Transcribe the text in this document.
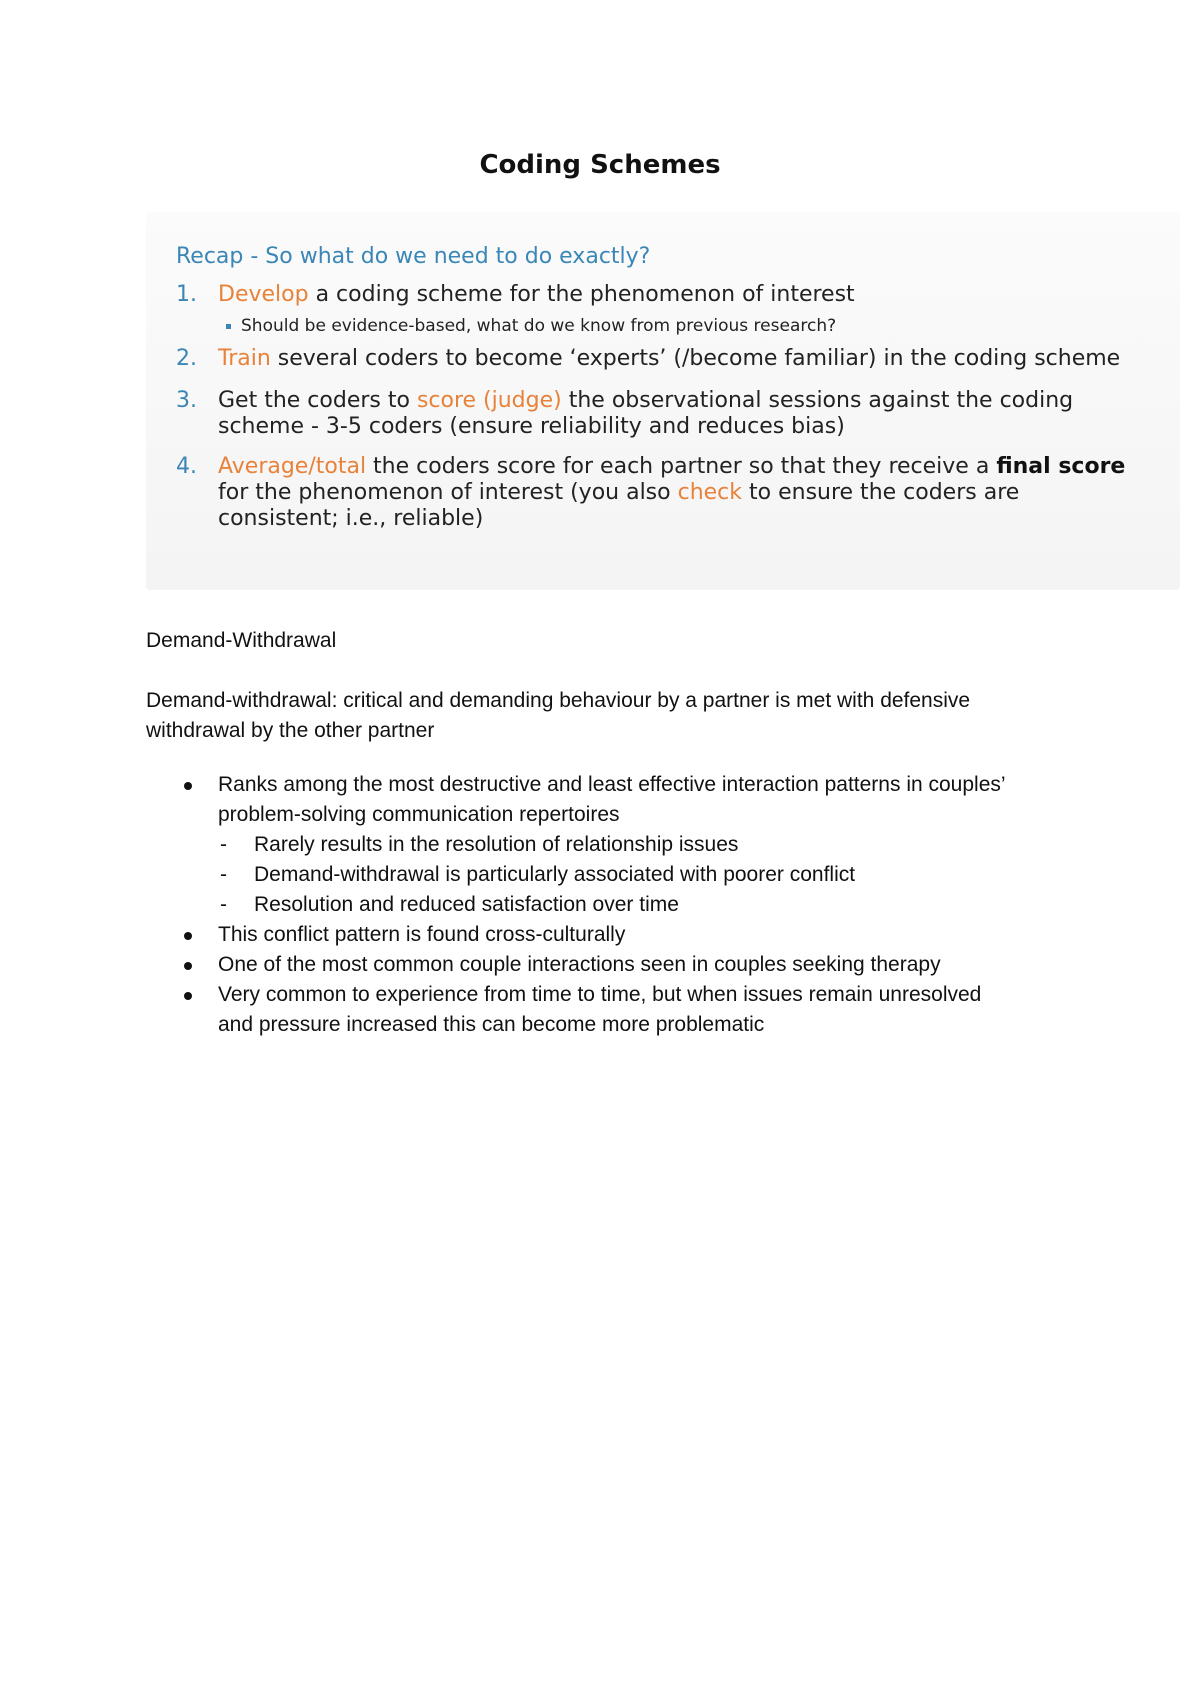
Coding Schemes
Recap - So what do we need to do exactly?
1. Develop a coding scheme for the phenomenon of interest
Should be evidence-based, what do we know from previous research?
2. Train several coders to become ‘experts’ (/become familiar) in the coding scheme
3. Get the coders to score (judge) the observational sessions against the coding
scheme - 3-5 coders (ensure reliability and reduces bias)
4. Average/total the coders score for each partner so that they receive a final score
for the phenomenon of interest (you also check to ensure the coders are
consistent; i.e., reliable)
Demand-Withdrawal
Demand-withdrawal: critical and demanding behaviour by a partner is met with defensive
withdrawal by the other partner
Ranks among the most destructive and least effective interaction patterns in couples’
problem-solving communication repertoires
- Rarely results in the resolution of relationship issues
- Demand-withdrawal is particularly associated with poorer conflict
- Resolution and reduced satisfaction over time
This conflict pattern is found cross-culturally
One of the most common couple interactions seen in couples seeking therapy
Very common to experience from time to time, but when issues remain unresolved
and pressure increased this can become more problematic
